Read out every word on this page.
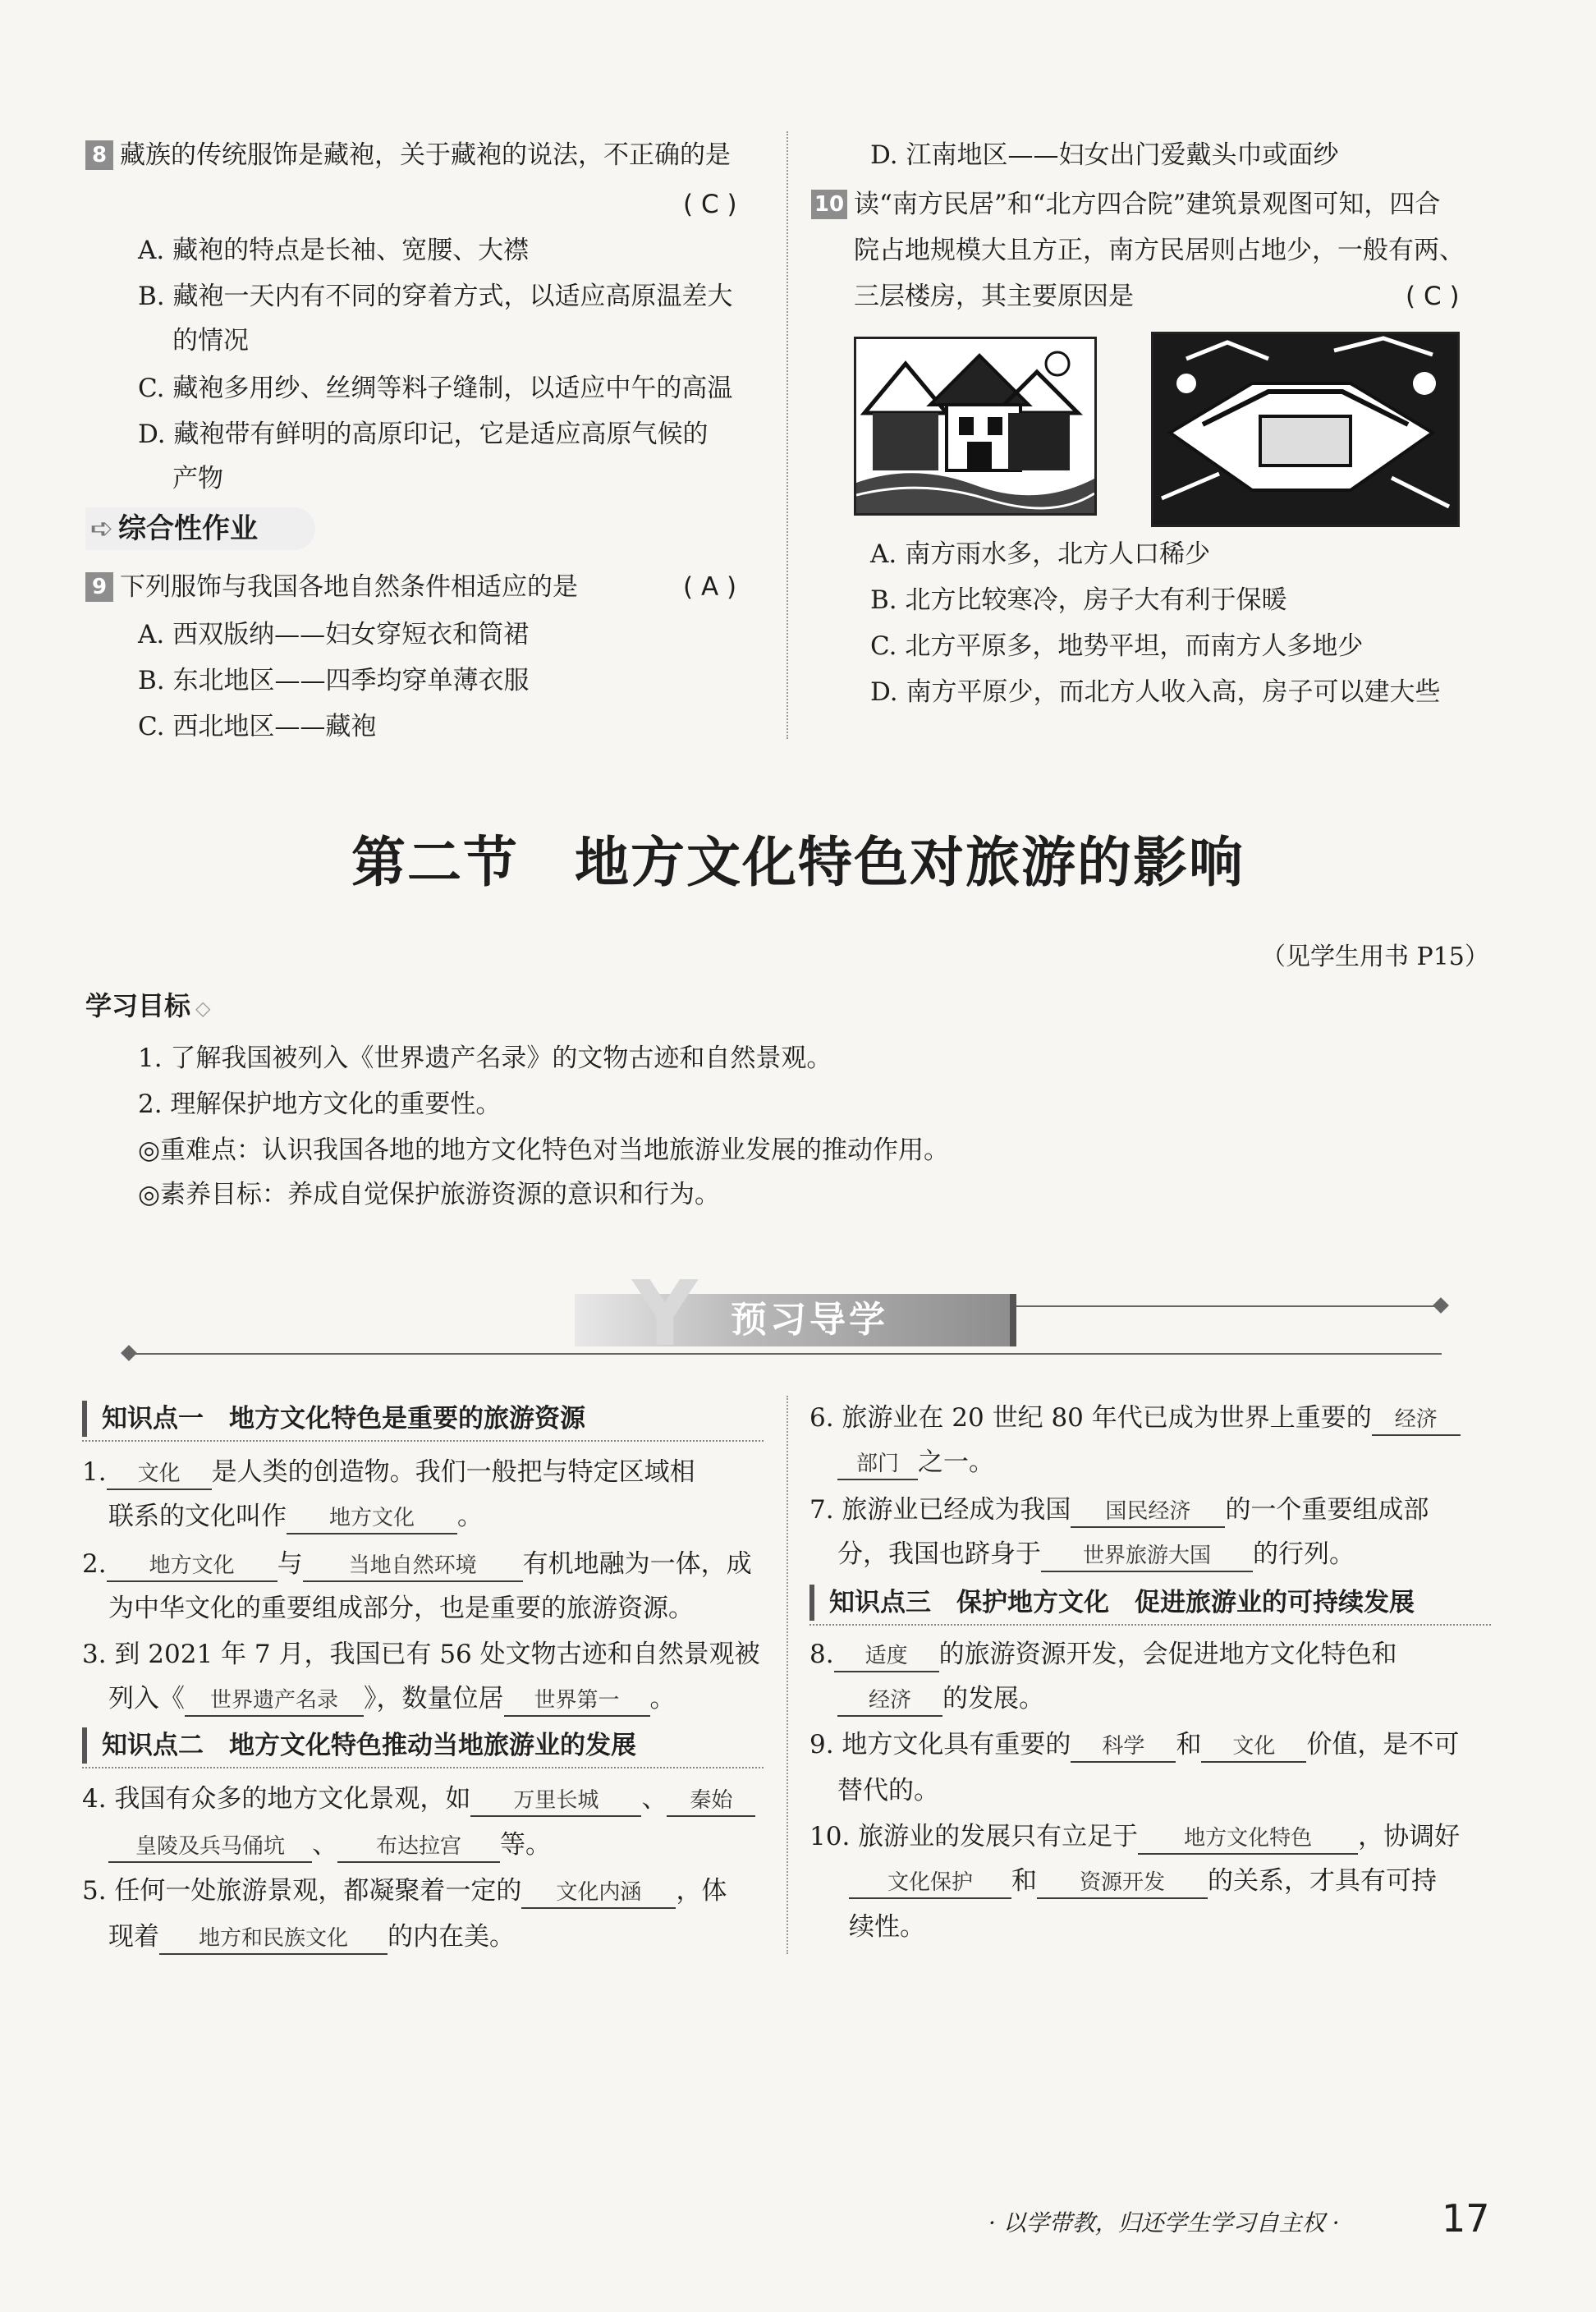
8 藏族的传统服饰是藏袍，关于藏袍的说法，不正确的是
( C )
A. 藏袍的特点是长袖、宽腰、大襟
B. 藏袍一天内有不同的穿着方式，以适应高原温差大
的情况
C. 藏袍多用纱、丝绸等料子缝制，以适应中午的高温
D. 藏袍带有鲜明的高原印记，它是适应高原气候的
产物
➪ 综合性作业
9 下列服饰与我国各地自然条件相适应的是	( A )
A. 西双版纳——妇女穿短衣和筒裙
B. 东北地区——四季均穿单薄衣服
C. 西北地区——藏袍
D. 江南地区——妇女出门爱戴头巾或面纱
10 读“南方民居”和“北方四合院”建筑景观图可知，四合
院占地规模大且方正，南方民居则占地少，一般有两、
三层楼房，其主要原因是	( C )
A. 南方雨水多，北方人口稀少
B. 北方比较寒冷，房子大有利于保暖
C. 北方平原多，地势平坦，而南方人多地少
D. 南方平原少，而北方人收入高，房子可以建大些
第二节　地方文化特色对旅游的影响
（见学生用书 P15）
学习目标 ◇
1. 了解我国被列入《世界遗产名录》的文物古迹和自然景观。
2. 理解保护地方文化的重要性。
◎重难点：认识我国各地的地方文化特色对当地旅游业发展的推动作用。
◎素养目标：养成自觉保护旅游资源的意识和行为。
Y 预习导学
知识点一　地方文化特色是重要的旅游资源
1. 文化 是人类的创造物。我们一般把与特定区域相
联系的文化叫作 地方文化 。
2. 地方文化 与 当地自然环境 有机地融为一体，成
为中华文化的重要组成部分，也是重要的旅游资源。
3. 到 2021 年 7 月，我国已有 56 处文物古迹和自然景观被
列入《 世界遗产名录 》，数量位居 世界第一 。
知识点二　地方文化特色推动当地旅游业的发展
4. 我国有众多的地方文化景观，如 万里长城 、 秦始
皇陵及兵马俑坑 、 布达拉宫 等。
5. 任何一处旅游景观，都凝聚着一定的 文化内涵 ，体
现着 地方和民族文化 的内在美。
6. 旅游业在 20 世纪 80 年代已成为世界上重要的 经济
部门 之一。
7. 旅游业已经成为我国 国民经济 的一个重要组成部
分，我国也跻身于 世界旅游大国 的行列。
知识点三　保护地方文化　促进旅游业的可持续发展
8. 适度 的旅游资源开发，会促进地方文化特色和
经济 的发展。
9. 地方文化具有重要的 科学 和 文化 价值，是不可
替代的。
10. 旅游业的发展只有立足于 地方文化特色 ，协调好
文化保护 和 资源开发 的关系，才具有可持
续性。
· 以学带教，归还学生学习自主权 ·	17
